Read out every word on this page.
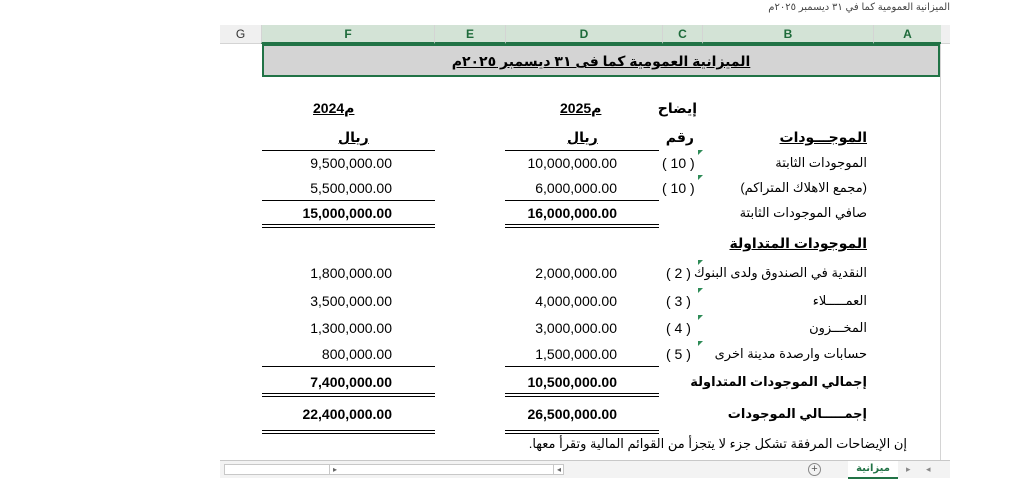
الميزانية العمومية كما في ٣١ ديسمبر ٢٠٢٥م
G	F	E	D	C	B	A
الميزانية العمومية كما فى ٣١ ديسمبر ٢٠٢٥م
2024م	2025م	إيضاح
ريال	ريال	رقم	الموجـــودات
9,500,000.00	10,000,000.00	( 10 )	الموجودات الثابتة
5,500,000.00	6,000,000.00	( 10 )	(مجمع الاهلاك المتراكم)
15,000,000.00	16,000,000.00	صافي الموجودات الثابتة
الموجودات المتداولة
1,800,000.00	2,000,000.00	( 2 ) النقدية في الصندوق ولدى البنوك
3,500,000.00	4,000,000.00	( 3 )	العمـــــلاء
1,300,000.00	3,000,000.00	( 4 )	المخـــزون
800,000.00	1,500,000.00	( 5 )	حسابات وارصدة مدينة اخرى
7,400,000.00	10,500,000.00	إجمالي الموجودات المتداولة
22,400,000.00	26,500,000.00	إجمـــــالي الموجودات
إن الإيضاحات المرفقة تشكل جزء لا يتجزأ من القوائم المالية وتقرأ معها.
▸	◂	+	ميزانية	▸ ◂
